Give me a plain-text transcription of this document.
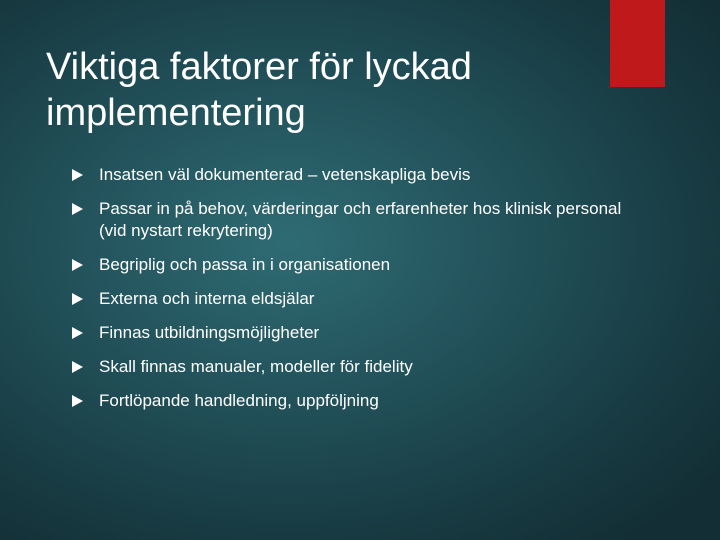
Viktiga faktorer för lyckad implementering
Insatsen väl dokumenterad – vetenskapliga bevis
Passar in på behov, värderingar och erfarenheter hos klinisk personal (vid nystart rekrytering)
Begriplig och passa in i organisationen
Externa och interna eldsjälar
Finnas utbildningsmöjligheter
Skall finnas manualer, modeller för fidelity
Fortlöpande handledning, uppföljning
